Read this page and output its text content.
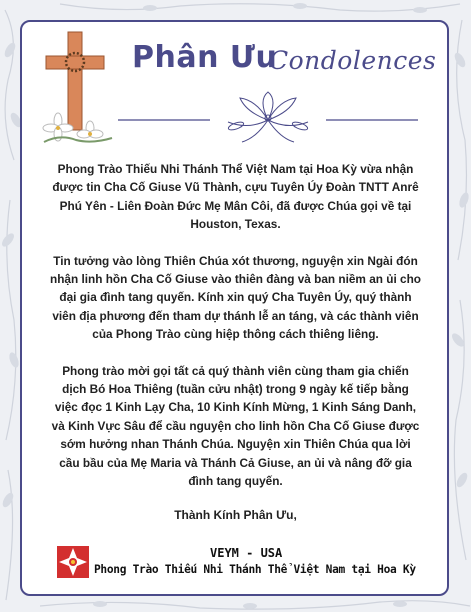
Phân Ưu
Condolences

Phong Trào Thiếu Nhi Thánh Thể Việt Nam tại Hoa Kỳ vừa nhận được tin Cha Cố Giuse Vũ Thành, cựu Tuyên Úy Đoàn TNTT Anrê Phú Yên - Liên Đoàn Đức Mẹ Mân Côi, đã được Chúa gọi về tại Houston, Texas.

Tin tưởng vào lòng Thiên Chúa xót thương, nguyện xin Ngài đón nhận linh hồn Cha Cố Giuse vào thiên đàng và ban niềm an ủi cho đại gia đình tang quyến. Kính xin quý Cha Tuyên Úy, quý thành viên địa phương đến tham dự thánh lễ an táng, và các thành viên của Phong Trào cùng hiệp thông cách thiêng liêng.

Phong trào mời gọi tất cả quý thành viên cùng tham gia chiến dịch Bó Hoa Thiêng (tuần cửu nhật) trong 9 ngày kế tiếp bằng việc đọc 1 Kinh Lạy Cha, 10 Kinh Kính Mừng, 1 Kinh Sáng Danh, và Kinh Vực Sâu để cầu nguyện cho linh hồn Cha Cố Giuse được sớm hưởng nhan Thánh Chúa. Nguyện xin Thiên Chúa qua lời cầu bầu của Mẹ Maria và Thánh Cả Giuse, an ủi và nâng đỡ gia đình tang quyến.

Thành Kính Phân Ưu,
VEYM - USA
Phong Trào Thiếu Nhi Thánh Thể Việt Nam tại Hoa Kỳ
